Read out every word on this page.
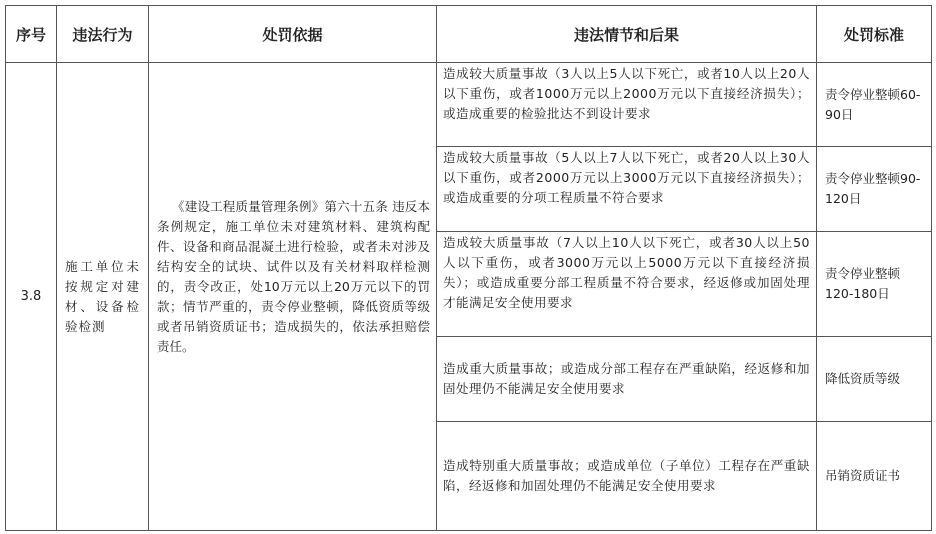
序号	违法行为	处罚依据	违法情节和后果	处罚标准
3.8	施工单位未按规定对建材、设备检验检测	《建设工程质量管理条例》第六十五条 违反本条例规定，施工单位未对建筑材料、建筑构配件、设备和商品混凝土进行检验，或者未对涉及结构安全的试块、试件以及有关材料取样检测的，责令改正，处10万元以上20万元以下的罚款；情节严重的，责令停业整顿，降低资质等级或者吊销资质证书；造成损失的，依法承担赔偿责任。	造成较大质量事故（3人以上5人以下死亡，或者10人以上20人以下重伤，或者1000万元以上2000万元以下直接经济损失）；或造成重要的检验批达不到设计要求	责令停业整顿60-90日
			造成较大质量事故（5人以上7人以下死亡，或者20人以上30人以下重伤，或者2000万元以上3000万元以下直接经济损失）；或造成重要的分项工程质量不符合要求	责令停业整顿90-120日
			造成较大质量事故（7人以上10人以下死亡，或者30人以上50人以下重伤，或者3000万元以上5000万元以下直接经济损失）；或造成重要分部工程质量不符合要求，经返修或加固处理才能满足安全使用要求	责令停业整顿120-180日
			造成重大质量事故；或造成分部工程存在严重缺陷，经返修和加固处理仍不能满足安全使用要求	降低资质等级
			造成特别重大质量事故；或造成单位（子单位）工程存在严重缺陷，经返修和加固处理仍不能满足安全使用要求	吊销资质证书
